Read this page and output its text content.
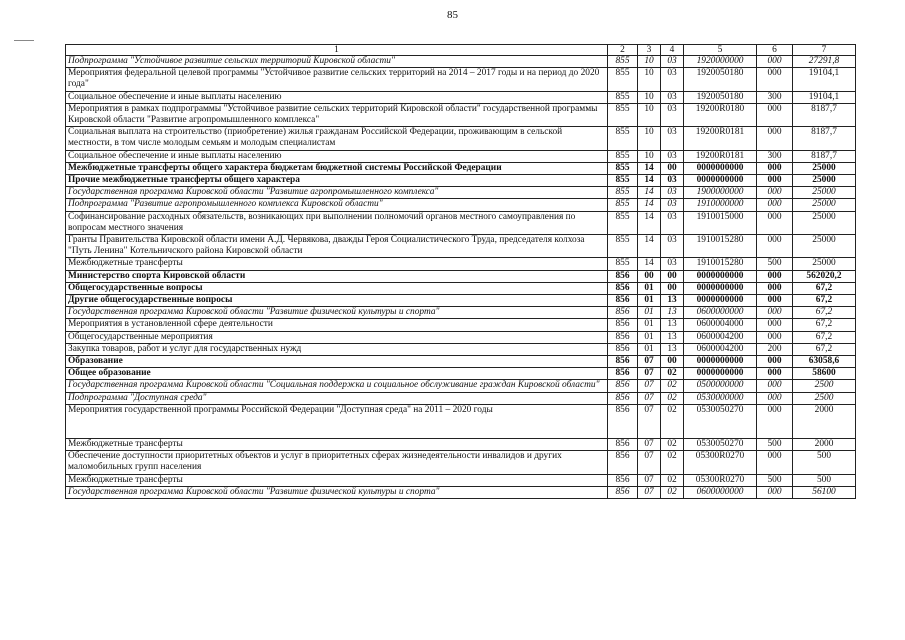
85
1	2	3	4	5	6	7
Подпрограмма "Устойчивое развитие сельских территорий Кировской области"	855	10	03	1920000000	000	27291,8
Мероприятия федеральной целевой программы "Устойчивое развитие сельских территорий на 2014 – 2017 годы и на период до 2020 года"	855	10	03	1920050180	000	19104,1
Социальное обеспечение и иные выплаты населению	855	10	03	1920050180	300	19104,1
Мероприятия в рамках подпрограммы "Устойчивое развитие сельских территорий Кировской области" государственной программы Кировской области "Развитие агропромышленного комплекса"	855	10	03	19200R0180	000	8187,7
Социальная выплата на строительство (приобретение) жилья гражданам Российской Федерации, проживающим в сельской местности, в том числе молодым семьям и молодым специалистам	855	10	03	19200R0181	000	8187,7
Социальное обеспечение и иные выплаты населению	855	10	03	19200R0181	300	8187,7
Межбюджетные трансферты общего характера бюджетам бюджетной системы Российской Федерации	855	14	00	0000000000	000	25000
Прочие межбюджетные трансферты общего характера	855	14	03	0000000000	000	25000
Государственная программа Кировской области "Развитие агропромышленного комплекса"	855	14	03	1900000000	000	25000
Подпрограмма "Развитие агропромышленного комплекса Кировской области"	855	14	03	1910000000	000	25000
Софинансирование расходных обязательств, возникающих при выполнении полномочий органов местного самоуправления по вопросам местного значения	855	14	03	1910015000	000	25000
Гранты Правительства Кировской области имени А.Д. Червякова, дважды Героя Социалистического Труда, председателя колхоза "Путь Ленина" Котельничского района Кировской области	855	14	03	1910015280	000	25000
Межбюджетные трансферты	855	14	03	1910015280	500	25000
Министерство спорта Кировской области	856	00	00	0000000000	000	562020,2
Общегосударственные вопросы	856	01	00	0000000000	000	67,2
Другие общегосударственные вопросы	856	01	13	0000000000	000	67,2
Государственная программа Кировской области "Развитие физической культуры и спорта"	856	01	13	0600000000	000	67,2
Мероприятия в установленной сфере деятельности	856	01	13	0600004000	000	67,2
Общегосударственные мероприятия	856	01	13	0600004200	000	67,2
Закупка товаров, работ и услуг для государственных нужд	856	01	13	0600004200	200	67,2
Образование	856	07	00	0000000000	000	63058,6
Общее образование	856	07	02	0000000000	000	58600
Государственная программа Кировской области "Социальная поддержка и социальное обслуживание граждан Кировской области"	856	07	02	0500000000	000	2500
Подпрограмма "Доступная среда"	856	07	02	0530000000	000	2500
Мероприятия государственной программы Российской Федерации "Доступная среда" на 2011 – 2020 годы	856	07	02	0530050270	000	2000
Межбюджетные трансферты	856	07	02	0530050270	500	2000
Обеспечение доступности приоритетных объектов и услуг в приоритетных сферах жизнедеятельности инвалидов и других маломобильных групп населения	856	07	02	05300R0270	000	500
Межбюджетные трансферты	856	07	02	05300R0270	500	500
Государственная программа Кировской области "Развитие физической культуры и спорта"	856	07	02	0600000000	000	56100
